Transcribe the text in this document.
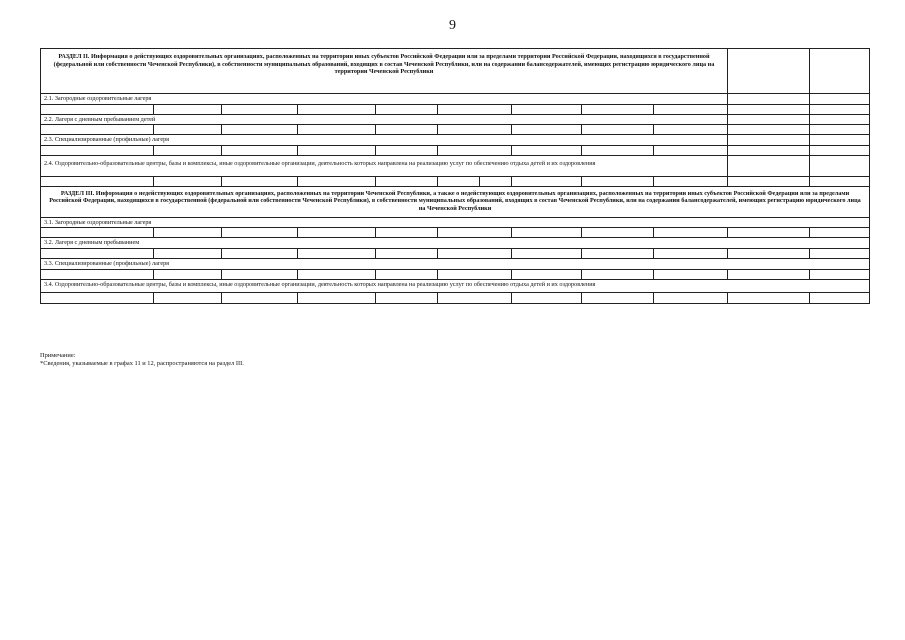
9
РАЗДЕЛ II. Информация о действующих оздоровительных организациях, расположенных на территории иных субъектов Российской Федерации или за пределами территории Российской Федерации, находящихся в государственной (федеральной или собственности Чеченской Республики), в собственности муниципальных образований, входящих в состав Чеченской Республики, или на содержании балансодержателей, имеющих регистрацию юридического лица на территории Чеченской Республики
2.1. Загородные оздоровительные лагеря
2.2. Лагеря с дневным пребыванием детей
2.3. Специализированные (профильные) лагеря
2.4. Оздоровительно-образовательные центры, базы и комплексы, иные оздоровительные организации, деятельность которых направлена на реализацию услуг по обеспечению отдыха детей и их оздоровления
РАЗДЕЛ III. Информация о недействующих оздоровительных организациях, расположенных на территории Чеченской Республики, а также о недействующих оздоровительных организациях, расположенных на территории иных субъектов Российской Федерации или за пределами Российской Федерации, находящихся в государственной (федеральной или собственности Чеченской Республики), в собственности муниципальных образований, входящих в состав Чеченской Республики, или на содержании балансодержателей, имеющих регистрацию юридического лица на Чеченской Республики
3.1. Загородные оздоровительные лагеря
3.2. Лагеря с дневным пребыванием
3.3. Специализированные (профильные) лагеря
3.4. Оздоровительно-образовательные центры, базы и комплексы, иные оздоровительные организации, деятельность которых направлена на реализацию услуг по обеспечению отдыха детей и их оздоровления
Примечание:
*Сведения, указываемые в графах 11 и 12, распространяются на раздел III.
